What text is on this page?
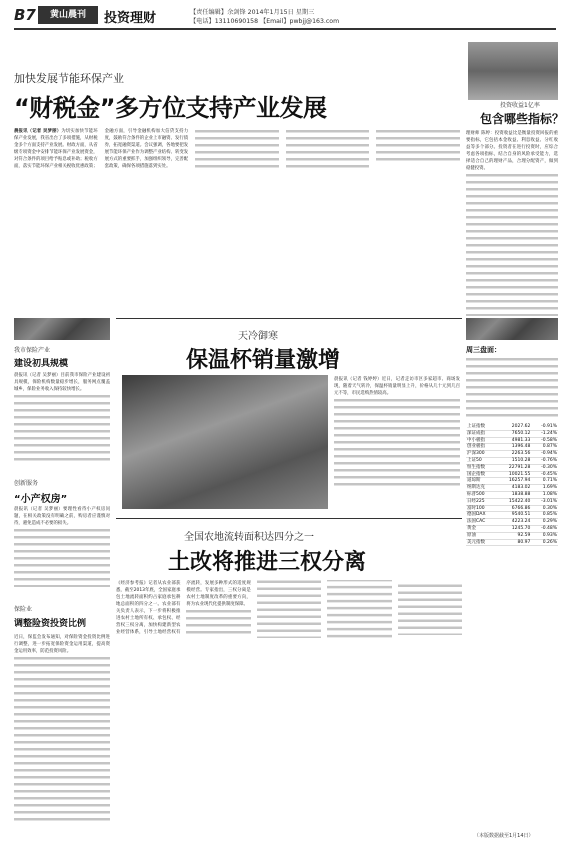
B7	黄山晨刊	投资理财	【责任编辑】余剑锋 2014年1月15日 星期三
【电话】13110690158 【Email】pwbjj@163.com
加快发展节能环保产业
“财税金”多方位支持产业发展

晨报讯（记者 吴梦丽）为切实加快节能环保产业发展，我省出台了多项措施，从财税金多个方面支持产业发展。财政方面，从省级专项资金中安排节能环保产业发展资金，对符合条件的项目给予贴息或补助；税收方面，落实节能环保产业相关税收优惠政策；金融方面，引导金融机构加大信贷支持力度，鼓励符合条件的企业上市融资、发行债券，拓宽融资渠道。会议强调，各地要把发展节能环保产业作为调整产业结构、转变发展方式的重要抓手，加强组织领导，完善配套政策，确保各项措施落到实处。

投资收益1亿率
包含哪些指标？

理财师 陈婷：投资收益比是衡量投资回报的重要指标，它包括本金收益、利息收益、分红收益等多个部分。投资者在进行投资时，应综合考虑各项指标，结合自身的风险承受能力，选择适合自己的理财产品，合理分配资产，做到稳健投资。

我市保险产业
建设初具规模

晨报讯（记者 吴梦丽）目前我市保险产业建设初具规模，保险机构数量稳步增长，服务网点覆盖城乡，保险业务收入保持较快增长。

创新服务
“小产权房”

晨报讯（记者 吴梦丽）要理性看待小产权房问题，在相关政策没有明确之前，购房者应谨慎对待，避免造成不必要的损失。

保险业
调整险资投资比例

近日，保监会发布通知，对保险资金投资比例进行调整，进一步拓宽保险资金运用渠道，提高资金运用效率，防范投资风险。

天冷御寒
保温杯销量激增

晨报讯（记者 钱婷婷）近日，记者走访市区多家超市、商场发现，随着天气转冷，保温杯销量明显上升，价格从几十元到几百元不等，市民选购热情较高。

周三盘面：
上证指数	2027.62	-0.91%
深证成指	7650.12	-1.24%
中小板指	4981.33	-0.58%
创业板指	1396.48	0.87%
沪深300	2263.56	-0.94%
上证50	1510.28	-0.76%
恒生指数	22791.28	-0.30%
国企指数	10021.55	-0.45%
道琼斯	16257.94	0.71%
纳斯达克	4183.02	1.69%
标普500	1838.88	1.08%
日经225	15422.40	-3.01%
富时100	6766.86	0.30%
德国DAX	9540.51	0.85%
法国CAC	4223.24	0.29%
黄金	1245.70	-0.48%
原油	92.59	0.93%
美元指数	80.97	0.26%
（本版数据截至1月14日）
全国农地流转面积达四分之一
土改将推进三权分离

《经济参考报》记者从农业部获悉，截至2013年底，全国家庭承包土地流转面积约占家庭承包耕地总面积的四分之一。农业部有关负责人表示，下一步将积极推进农村土地所有权、承包权、经营权三权分离，加快构建新型农业经营体系，引导土地经营权有序流转，发展多种形式的适度规模经营。专家指出，三权分离是农村土地制度改革的重要方向，将为农业现代化提供制度保障。
